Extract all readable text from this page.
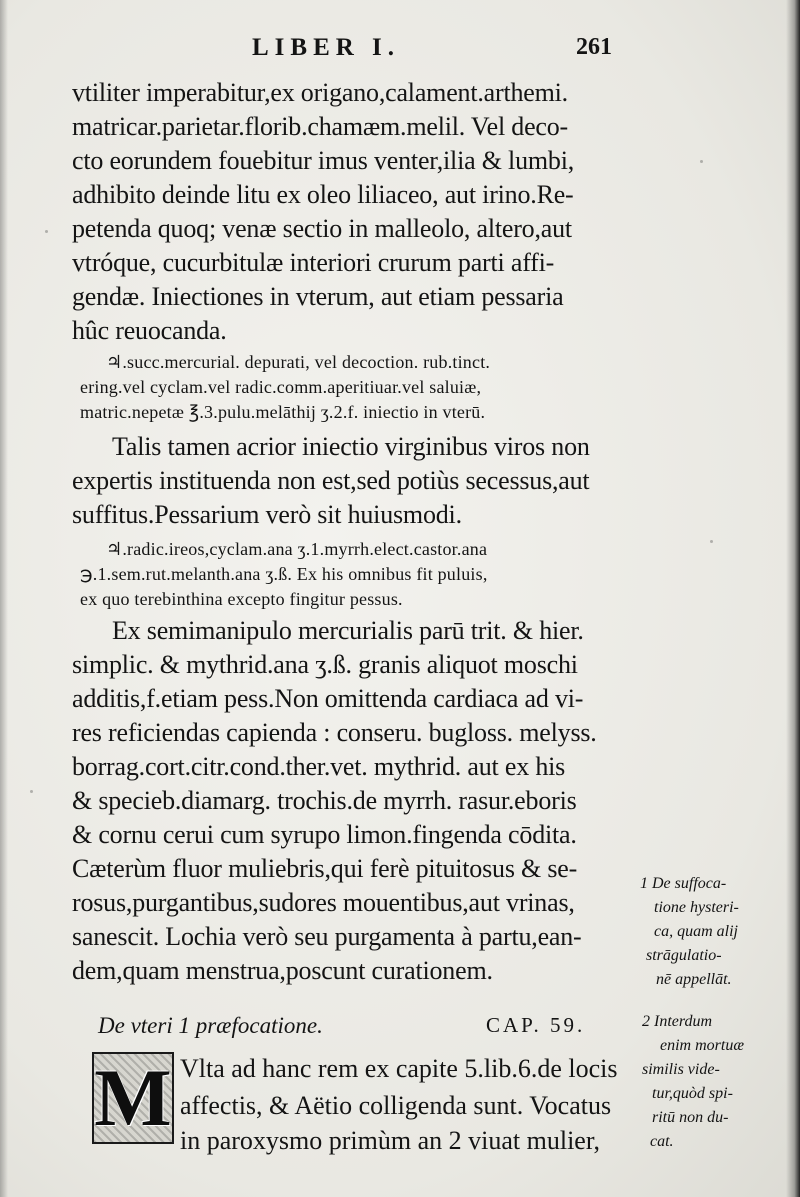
LIBER I.	261
vtiliter imperabitur,ex origano,calament.arthemi.
matricar.parietar.florib.chamæm.melil. Vel deco-
cto eorundem fouebitur imus venter,ilia & lumbi,
adhibito deinde litu ex oleo liliaceo, aut irino.Re-
petenda quoq; venæ sectio in malleolo, altero,aut
vtróque, cucurbitulæ interiori crurum parti affi-
gendæ. Iniectiones in vterum, aut etiam pessaria
hûc reuocanda.
♃.succ.mercurial. depurati, vel decoction. rub.tinct.
ering.vel cyclam.vel radic.comm.aperitiuar.vel saluiæ,
matric.nepetæ ℥.3.pulu.melāthij ʒ.2.f. iniectio in vterū.
Talis tamen acrior iniectio virginibus viros non
expertis instituenda non est,sed potiùs secessus,aut
suffitus.Pessarium verò sit huiusmodi.
♃.radic.ireos,cyclam.ana ʒ.1.myrrh.elect.castor.ana
℈.1.sem.rut.melanth.ana ʒ.ß. Ex his omnibus fit puluis,
ex quo terebinthina excepto fingitur pessus.
Ex semimanipulo mercurialis parū trit. & hier.
simplic. & mythrid.ana ʒ.ß. granis aliquot moschi
additis,f.etiam pess.Non omittenda cardiaca ad vi-
res reficiendas capienda : conseru. bugloss. melyss.
borrag.cort.citr.cond.ther.vet. mythrid. aut ex his
& specieb.diamarg. trochis.de myrrh. rasur.eboris
& cornu cerui cum syrupo limon.fingenda cōdita.
Cæterùm fluor muliebris,qui ferè pituitosus & se-
rosus,purgantibus,sudores mouentibus,aut vrinas,
sanescit. Lochia verò seu purgamenta à partu,ean-
dem,quam menstrua,poscunt curationem.
De vteri 1 præfocatione.	CAP. 59.
M Vlta ad hanc rem ex capite 5.lib.6.de locis
affectis, & Aëtio colligenda sunt. Vocatus
in paroxysmo primùm an 2 viuat mulier,
1 De suffoca-
tione hysteri-
ca, quam alij
strāgulatio-
nē appellāt.
2 Interdum
enim mortuæ
similis vide-
tur,quòd spi-
ritū non du-
cat.
